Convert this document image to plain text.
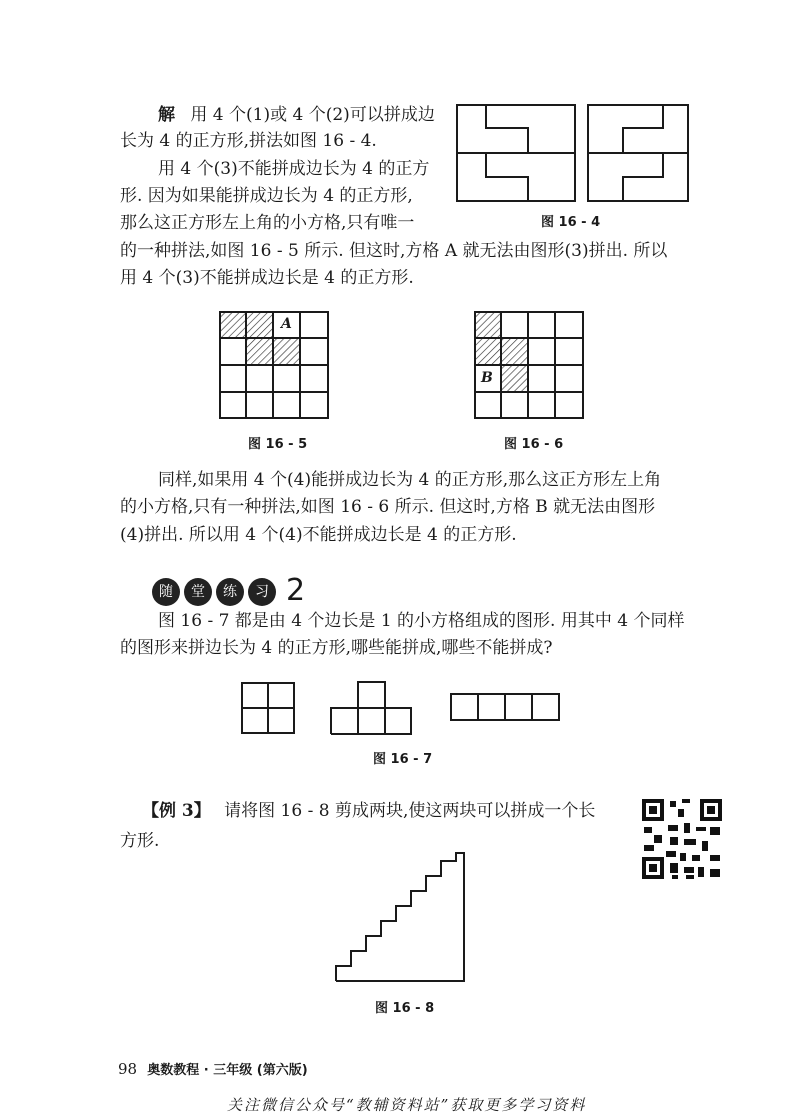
解 用 4 个(1)或 4 个(2)可以拼成边
长为 4 的正方形,拼法如图 16 - 4.
用 4 个(3)不能拼成边长为 4 的正方
形. 因为如果能拼成边长为 4 的正方形,
那么这正方形左上角的小方格,只有唯一
的一种拼法,如图 16 - 5 所示. 但这时,方格 A 就无法由图形(3)拼出. 所以
用 4 个(3)不能拼成边长是 4 的正方形.
图 16 - 4
A
图 16 - 5
B
图 16 - 6
同样,如果用 4 个(4)能拼成边长为 4 的正方形,那么这正方形左上角
的小方格,只有一种拼法,如图 16 - 6 所示. 但这时,方格 B 就无法由图形
(4)拼出. 所以用 4 个(4)不能拼成边长是 4 的正方形.
随 堂 练 习 2
图 16 - 7 都是由 4 个边长是 1 的小方格组成的图形. 用其中 4 个同样
的图形来拼边长为 4 的正方形,哪些能拼成,哪些不能拼成?
图 16 - 7
【例 3】 请将图 16 - 8 剪成两块,使这两块可以拼成一个长
方形.
图 16 - 8
98 奥数教程 · 三年级 (第六版)
关注微信公众号“教辅资料站”获取更多学习资料
